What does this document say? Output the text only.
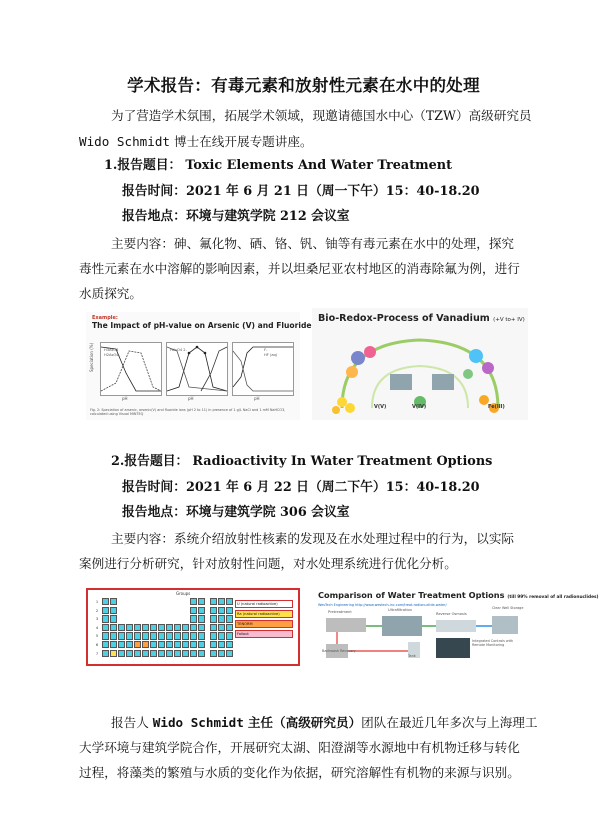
学术报告：有毒元素和放射性元素在水中的处理
为了营造学术氛围，拓展学术领域，现邀请德国水中心（TZW）高级研究员
Wido Schmidt 博士在线开展专题讲座。
1.报告题目： Toxic Elements And Water Treatment
报告时间：2021 年 6 月 21 日（周一下午）15：40-18.20
报告地点：环境与建筑学院 212 会议室
主要内容：砷、氟化物、硒、铬、钒、铀等有毒元素在水中的处理，探究
毒性元素在水中溶解的影响因素，并以坦桑尼亚农村地区的消毒除氟为例，进行
水质探究。
Example:
The Impact of pH-value on Arsenic (V) and Fluoride
pH	pH	pH
Speciation (%)	H3AsO4
H2AsO4-
HAsO4 2-	F-
HF (aq)
Fig. 2: Speciation of arsenic, arsenic(V) and fluoride ions (pH 2 to 11) in presence of 1 g/L NaCl and 1 mM NaHCO3, calculated using Visual MINTEQ
Bio-Redox-Process of Vanadium (+V to+ IV)
V(V)	V(IV)	Fe(III)
2.报告题目： Radioactivity In Water Treatment Options
报告时间：2021 年 6 月 22 日（周二下午）15：40-18.20
报告地点：环境与建筑学院 306 会议室
主要内容：系统介绍放射性核素的发现及在水处理过程中的行为，以实际
案例进行分析研究，针对放射性问题，对水处理系统进行优化分析。
Groups
1
2
3
4
5
6
7
U (natural radioactive)
Ra (natural radioactive)
TENORM
Fallout
Comparison of Water Treatment Options (till 99% removal of all radionuclides)
WesTech Engineering http://www.westech-inc.com/treat-radionuclide-water/
Pretreatment	Ultrafiltration
Reverse Osmosis
Clear Well Storage
Backwash Recovery
Tank
Integrated Controls with Remote Monitoring
报告人 Wido Schmidt 主任（高级研究员）团队在最近几年多次与上海理工
大学环境与建筑学院合作，开展研究太湖、阳澄湖等水源地中有机物迁移与转化
过程，将藻类的繁殖与水质的变化作为依据，研究溶解性有机物的来源与识别。
